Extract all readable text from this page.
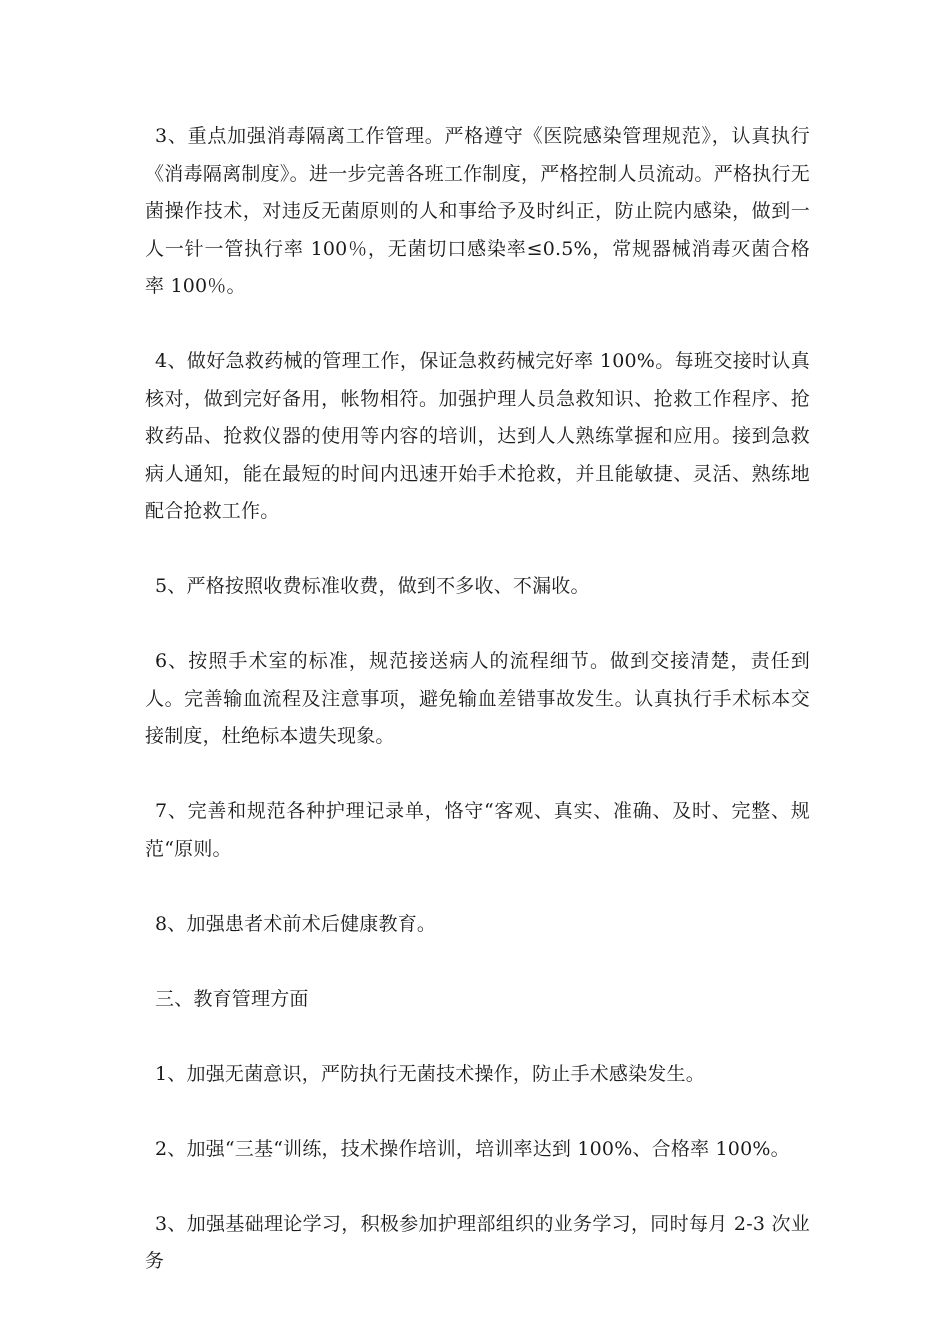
3、重点加强消毒隔离工作管理。严格遵守《医院感染管理规范》，认真执行《消毒隔离制度》。进一步完善各班工作制度，严格控制人员流动。严格执行无菌操作技术，对违反无菌原则的人和事给予及时纠正，防止院内感染，做到一人一针一管执行率 100％，无菌切口感染率≤0.5%，常规器械消毒灭菌合格率 100％。

4、做好急救药械的管理工作，保证急救药械完好率 100%。每班交接时认真核对，做到完好备用，帐物相符。加强护理人员急救知识、抢救工作程序、抢救药品、抢救仪器的使用等内容的培训，达到人人熟练掌握和应用。接到急救病人通知，能在最短的时间内迅速开始手术抢救，并且能敏捷、灵活、熟练地配合抢救工作。

5、严格按照收费标准收费，做到不多收、不漏收。

6、按照手术室的标准，规范接送病人的流程细节。做到交接清楚，责任到人。完善输血流程及注意事项，避免输血差错事故发生。认真执行手术标本交接制度，杜绝标本遗失现象。

7、完善和规范各种护理记录单，恪守“客观、真实、准确、及时、完整、规范“原则。

8、加强患者术前术后健康教育。

三、教育管理方面

1、加强无菌意识，严防执行无菌技术操作，防止手术感染发生。

2、加强“三基“训练，技术操作培训，培训率达到 100%、合格率 100%。

3、加强基础理论学习，积极参加护理部组织的业务学习，同时每月 2-3 次业务
